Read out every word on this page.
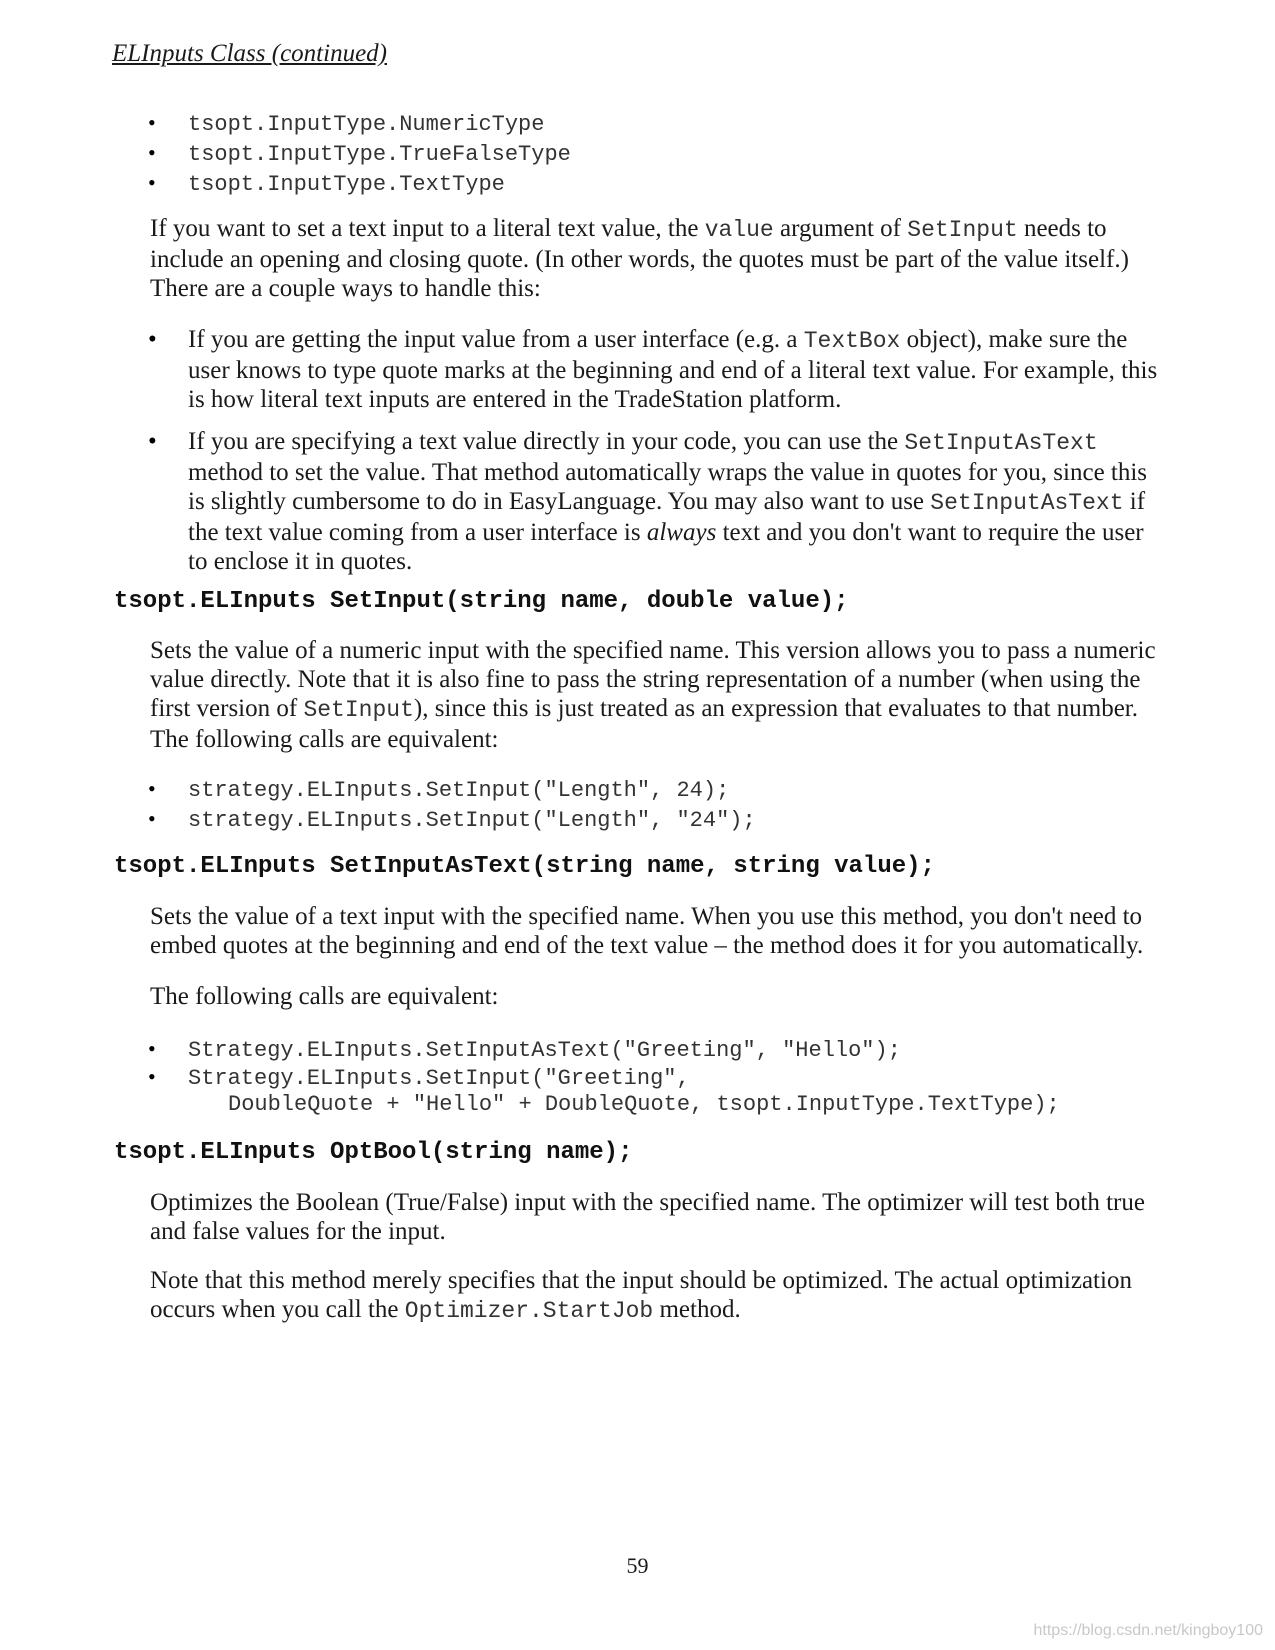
ELInputs Class (continued)
• tsopt.InputType.NumericType
• tsopt.InputType.TrueFalseType
• tsopt.InputType.TextType

If you want to set a text input to a literal text value, the value argument of SetInput needs to include an opening and closing quote. (In other words, the quotes must be part of the value itself.) There are a couple ways to handle this:

• If you are getting the input value from a user interface (e.g. a TextBox object), make sure the user knows to type quote marks at the beginning and end of a literal text value. For example, this is how literal text inputs are entered in the TradeStation platform.
• If you are specifying a text value directly in your code, you can use the SetInputAsText method to set the value. That method automatically wraps the value in quotes for you, since this is slightly cumbersome to do in EasyLanguage. You may also want to use SetInputAsText if the text value coming from a user interface is always text and you don't want to require the user to enclose it in quotes.
tsopt.ELInputs SetInput(string name, double value);

Sets the value of a numeric input with the specified name. This version allows you to pass a numeric value directly. Note that it is also fine to pass the string representation of a number (when using the first version of SetInput), since this is just treated as an expression that evaluates to that number. The following calls are equivalent:

• strategy.ELInputs.SetInput("Length", 24);
• strategy.ELInputs.SetInput("Length", "24");
tsopt.ELInputs SetInputAsText(string name, string value);

Sets the value of a text input with the specified name. When you use this method, you don't need to embed quotes at the beginning and end of the text value – the method does it for you automatically.

The following calls are equivalent:

• Strategy.ELInputs.SetInputAsText("Greeting", "Hello");
• Strategy.ELInputs.SetInput("Greeting",
DoubleQuote + "Hello" + DoubleQuote, tsopt.InputType.TextType);
tsopt.ELInputs OptBool(string name);

Optimizes the Boolean (True/False) input with the specified name. The optimizer will test both true and false values for the input.

Note that this method merely specifies that the input should be optimized. The actual optimization occurs when you call the Optimizer.StartJob method.

59
https://blog.csdn.net/kingboy100
